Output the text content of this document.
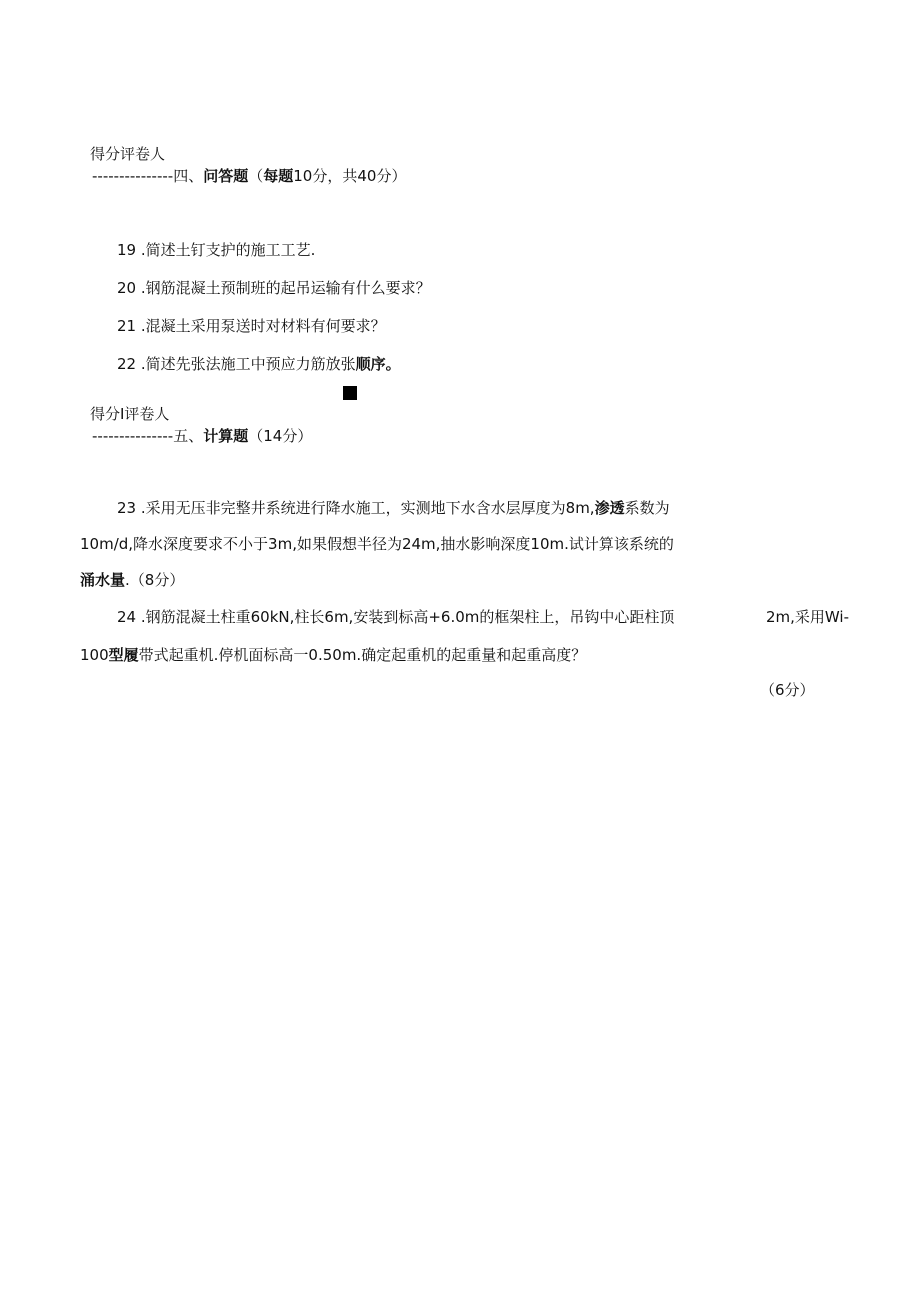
得分评卷人
---------------四、问答题（每题10分，共40分）
19 .简述土钉支护的施工工艺.
20 .钢筋混凝土预制班的起吊运输有什么要求？
21 .混凝土采用泵送时对材料有何要求？
22 .简述先张法施工中预应力筋放张顺序。
得分I评卷人
---------------五、计算题（14分）
23 .采用无压非完整井系统进行降水施工，实测地下水含水层厚度为8m,渗透系数为
10m/d,降水深度要求不小于3m,如果假想半径为24m,抽水影响深度10m.试计算该系统的
涌水量.（8分）
24 .钢筋混凝土柱重60kN,柱长6m,安装到标高+6.0m的框架柱上，吊钩中心距柱顶	2m,采用Wi-
100型履带式起重机.停机面标高一0.50m.确定起重机的起重量和起重高度？
（6分）
